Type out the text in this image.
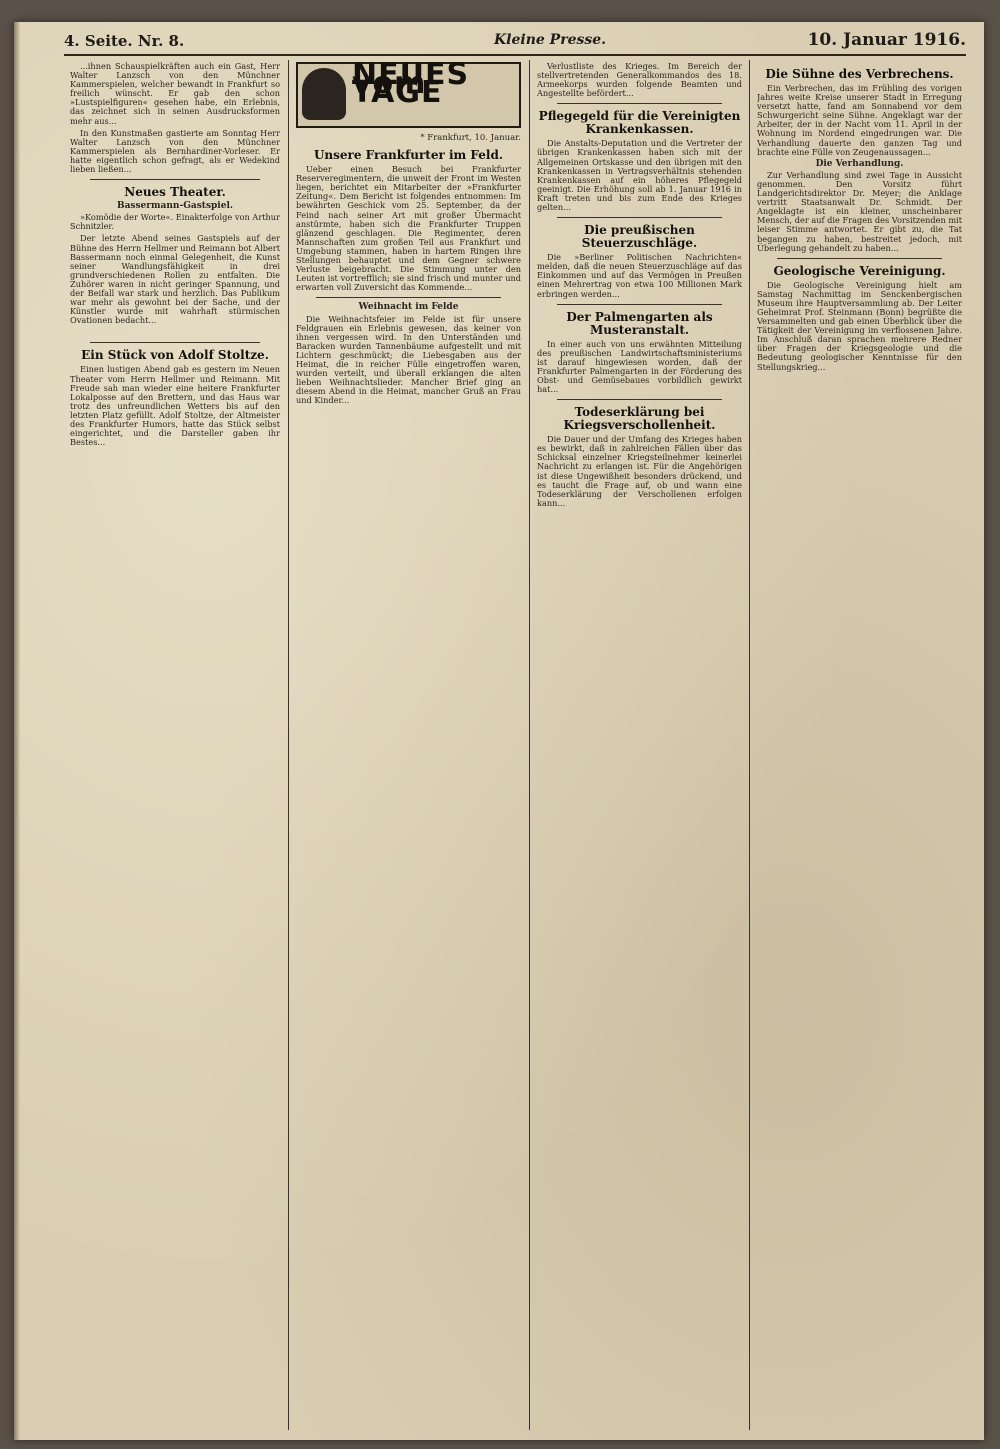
4. Seite. Nr. 8.	Kleine Presse.	10. Januar 1916.

...ihnen Schauspielkräften auch ein Gast, Herr Walter Lanzsch von den Münchner Kammerspielen, welcher bewandt in Frankfurt so freilich wünscht. Er gab den schon »Lustspielfiguren« gesehen habe, ein Erlebnis, das zeichnet sich in seinen Ausdrucksformen mehr aus...

In den Kunstmaßen gastierte am Sonntag Herr Walter Lanzsch von den Münchner Kammerspielen als Bernhardiner-Vorleser. Er hatte eigentlich schon gefragt, als er Wedekind lieben ließen...

Neues Theater.
Bassermann-Gastspiel.

»Komödie der Worte«. Einakterfolge von Arthur Schnitzler.

Der letzte Abend seines Gastspiels auf der Bühne des Herrn Hellmer und Reimann bot Albert Bassermann noch einmal Gelegenheit, die Kunst seiner Wandlungsfähigkeit in drei grundverschiedenen Rollen zu entfalten. Die Zuhörer waren in nicht geringer Spannung, und der Beifall war stark und herzlich. Das Publikum war mehr als gewohnt bei der Sache, und der Künstler wurde mit wahrhaft stürmischen Ovationen bedacht...

Ein Stück von Adolf Stoltze.

Einen lustigen Abend gab es gestern im Neuen Theater vom Herrn Hellmer und Reimann. Mit Freude sah man wieder eine heitere Frankfurter Lokalposse auf den Brettern, und das Haus war trotz des unfreundlichen Wetters bis auf den letzten Platz gefüllt. Adolf Stoltze, der Altmeister des Frankfurter Humors, hatte das Stück selbst eingerichtet, und die Darsteller gaben ihr Bestes...

NEUES vom TAGE
* Frankfurt, 10. Januar.
Unsere Frankfurter im Feld.

Ueber einen Besuch bei Frankfurter Reserveregimentern, die unweit der Front im Westen liegen, berichtet ein Mitarbeiter der »Frankfurter Zeitung«. Dem Bericht ist folgendes entnommen: Im bewährten Geschick vom 25. September, da der Feind nach seiner Art mit großer Übermacht anstürmte, haben sich die Frankfurter Truppen glänzend geschlagen. Die Regimenter, deren Mannschaften zum großen Teil aus Frankfurt und Umgebung stammen, haben in hartem Ringen ihre Stellungen behauptet und dem Gegner schwere Verluste beigebracht. Die Stimmung unter den Leuten ist vortrefflich; sie sind frisch und munter und erwarten voll Zuversicht das Kommende...

Weihnacht im Felde

Die Weihnachtsfeier im Felde ist für unsere Feldgrauen ein Erlebnis gewesen, das keiner von ihnen vergessen wird. In den Unterständen und Baracken wurden Tannenbäume aufgestellt und mit Lichtern geschmückt; die Liebesgaben aus der Heimat, die in reicher Fülle eingetroffen waren, wurden verteilt, und überall erklangen die alten lieben Weihnachtslieder. Mancher Brief ging an diesem Abend in die Heimat, mancher Gruß an Frau und Kinder...

Verlustliste des Krieges. Im Bereich der stellvertretenden Generalkommandos des 18. Armeekorps wurden folgende Beamten und Angestellte befördert...

Pflegegeld für die Vereinigten Krankenkassen.

Die Anstalts-Deputation und die Vertreter der übrigen Krankenkassen haben sich mit der Allgemeinen Ortskasse und den übrigen mit den Krankenkassen in Vertragsverhältnis stehenden Krankenkassen auf ein höheres Pflegegeld geeinigt. Die Erhöhung soll ab 1. Januar 1916 in Kraft treten und bis zum Ende des Krieges gelten...

Die preußischen Steuerzuschläge.

Die »Berliner Politischen Nachrichten« melden, daß die neuen Steuerzuschläge auf das Einkommen und auf das Vermögen in Preußen einen Mehrertrag von etwa 100 Millionen Mark erbringen werden...

Der Palmengarten als Musteranstalt.

In einer auch von uns erwähnten Mitteilung des preußischen Landwirtschaftsministeriums ist darauf hingewiesen worden, daß der Frankfurter Palmengarten in der Förderung des Obst- und Gemüsebaues vorbildlich gewirkt hat...

Todeserklärung bei Kriegsverschollenheit.

Die Dauer und der Umfang des Krieges haben es bewirkt, daß in zahlreichen Fällen über das Schicksal einzelner Kriegsteilnehmer keinerlei Nachricht zu erlangen ist. Für die Angehörigen ist diese Ungewißheit besonders drückend, und es taucht die Frage auf, ob und wann eine Todeserklärung der Verschollenen erfolgen kann...

Die Sühne des Verbrechens.

Ein Verbrechen, das im Frühling des vorigen Jahres weite Kreise unserer Stadt in Erregung versetzt hatte, fand am Sonnabend vor dem Schwurgericht seine Sühne. Angeklagt war der Arbeiter, der in der Nacht vom 11. April in der Wohnung im Nordend eingedrungen war. Die Verhandlung dauerte den ganzen Tag und brachte eine Fülle von Zeugenaussagen...

Die Verhandlung.

Zur Verhandlung sind zwei Tage in Aussicht genommen. Den Vorsitz führt Landgerichtsdirektor Dr. Meyer; die Anklage vertritt Staatsanwalt Dr. Schmidt. Der Angeklagte ist ein kleiner, unscheinbarer Mensch, der auf die Fragen des Vorsitzenden mit leiser Stimme antwortet. Er gibt zu, die Tat begangen zu haben, bestreitet jedoch, mit Überlegung gehandelt zu haben...

Geologische Vereinigung.

Die Geologische Vereinigung hielt am Samstag Nachmittag im Senckenbergischen Museum ihre Hauptversammlung ab. Der Leiter Geheimrat Prof. Steinmann (Bonn) begrüßte die Versammelten und gab einen Überblick über die Tätigkeit der Vereinigung im verflossenen Jahre. Im Anschluß daran sprachen mehrere Redner über Fragen der Kriegsgeologie und die Bedeutung geologischer Kenntnisse für den Stellungskrieg...
